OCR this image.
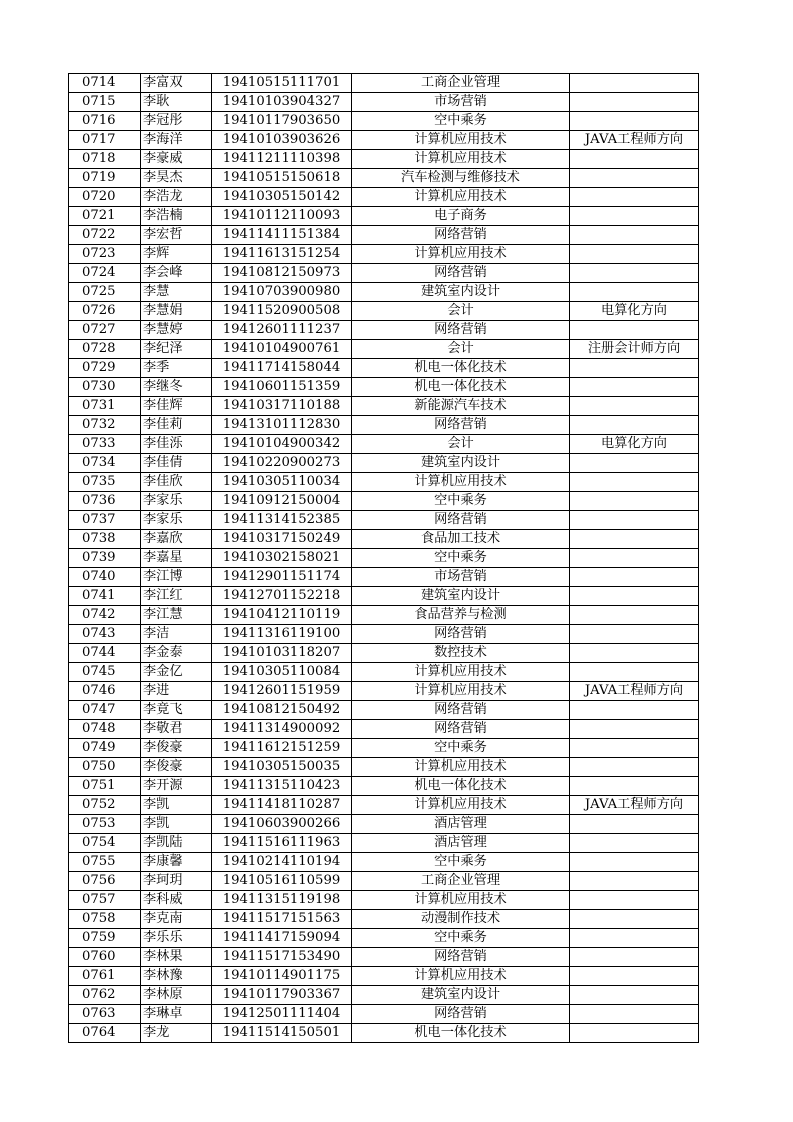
0714	李富双	19410515111701	工商企业管理	
0715	李耿	19410103904327	市场营销	
0716	李冠彤	19410117903650	空中乘务	
0717	李海洋	19410103903626	计算机应用技术	JAVA工程师方向
0718	李豪威	19411211110398	计算机应用技术	
0719	李昊杰	19410515150618	汽车检测与维修技术	
0720	李浩龙	19410305150142	计算机应用技术	
0721	李浩楠	19410112110093	电子商务	
0722	李宏哲	19411411151384	网络营销	
0723	李辉	19411613151254	计算机应用技术	
0724	李会峰	19410812150973	网络营销	
0725	李慧	19410703900980	建筑室内设计	
0726	李慧娟	19411520900508	会计	电算化方向
0727	李慧婷	19412601111237	网络营销	
0728	李纪泽	19410104900761	会计	注册会计师方向
0729	李季	19411714158044	机电一体化技术	
0730	李继冬	19410601151359	机电一体化技术	
0731	李佳辉	19410317110188	新能源汽车技术	
0732	李佳莉	19413101112830	网络营销	
0733	李佳泺	19410104900342	会计	电算化方向
0734	李佳倩	19410220900273	建筑室内设计	
0735	李佳欣	19410305110034	计算机应用技术	
0736	李家乐	19410912150004	空中乘务	
0737	李家乐	19411314152385	网络营销	
0738	李嘉欣	19410317150249	食品加工技术	
0739	李嘉星	19410302158021	空中乘务	
0740	李江博	19412901151174	市场营销	
0741	李江红	19412701152218	建筑室内设计	
0742	李江慧	19410412110119	食品营养与检测	
0743	李洁	19411316119100	网络营销	
0744	李金泰	19410103118207	数控技术	
0745	李金亿	19410305110084	计算机应用技术	
0746	李进	19412601151959	计算机应用技术	JAVA工程师方向
0747	李竟飞	19410812150492	网络营销	
0748	李敬君	19411314900092	网络营销	
0749	李俊豪	19411612151259	空中乘务	
0750	李俊豪	19410305150035	计算机应用技术	
0751	李开源	19411315110423	机电一体化技术	
0752	李凯	19411418110287	计算机应用技术	JAVA工程师方向
0753	李凯	19410603900266	酒店管理	
0754	李凯陆	19411516111963	酒店管理	
0755	李康馨	19410214110194	空中乘务	
0756	李珂玥	19410516110599	工商企业管理	
0757	李科威	19411315119198	计算机应用技术	
0758	李克南	19411517151563	动漫制作技术	
0759	李乐乐	19411417159094	空中乘务	
0760	李林果	19411517153490	网络营销	
0761	李林豫	19410114901175	计算机应用技术	
0762	李林原	19410117903367	建筑室内设计	
0763	李琳卓	19412501111404	网络营销	
0764	李龙	19411514150501	机电一体化技术	
